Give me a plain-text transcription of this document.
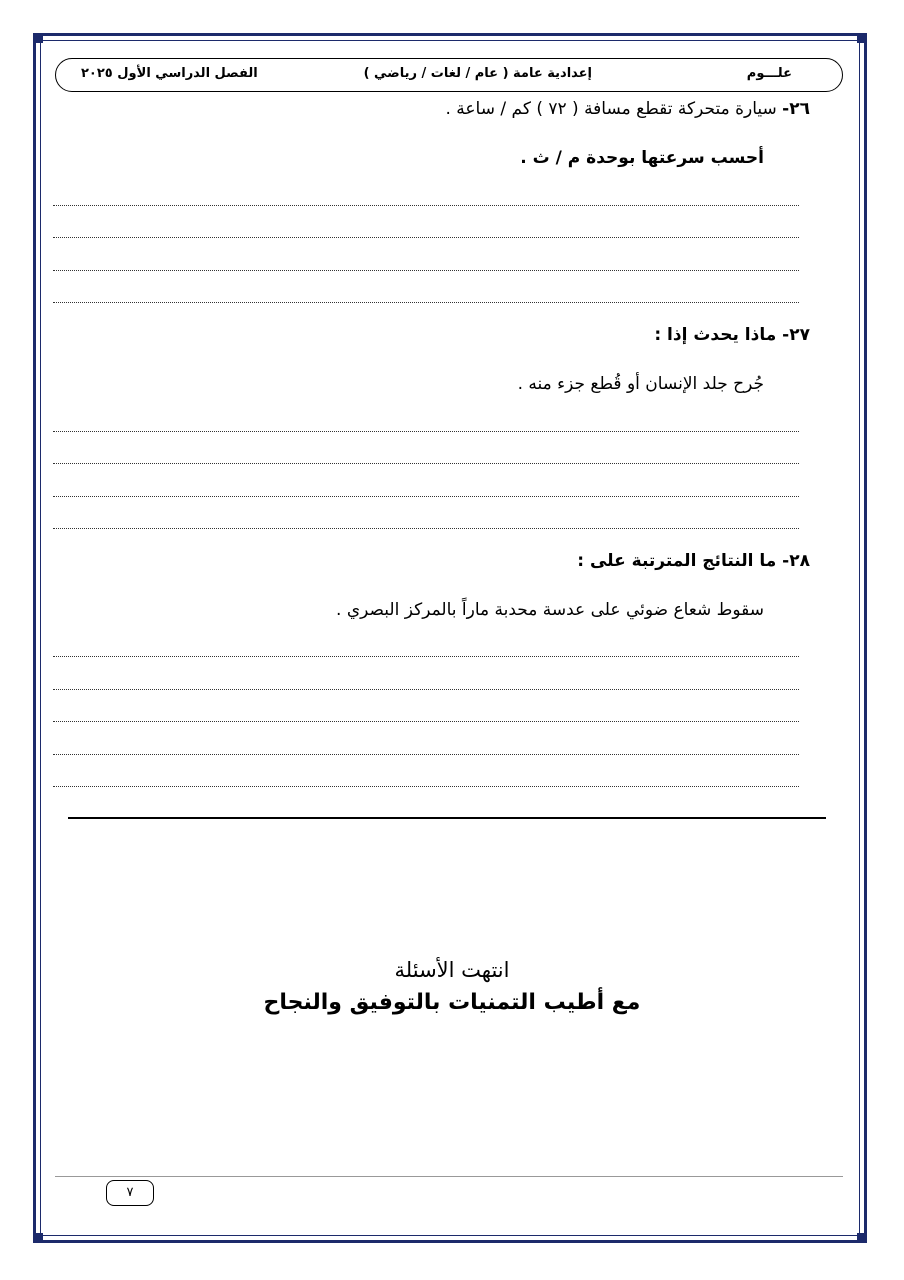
علـــوم
إعدادية عامة ( عام / لغات / رياضي )
الفصل الدراسي الأول ٢٠٢٥
٢٦- سيارة متحركة تقطع مسافة ( ٧٢ ) كم / ساعة .
أحسب سرعتها بوحدة م / ث .
٢٧- ماذا يحدث إذا :
جُرح جلد الإنسان أو قُطع جزء منه .
٢٨- ما النتائج المترتبة على :
سقوط شعاع ضوئي على عدسة محدبة ماراً بالمركز البصري .
انتهت الأسئلة
مع أطيب التمنيات بالتوفيق والنجاح
٧
